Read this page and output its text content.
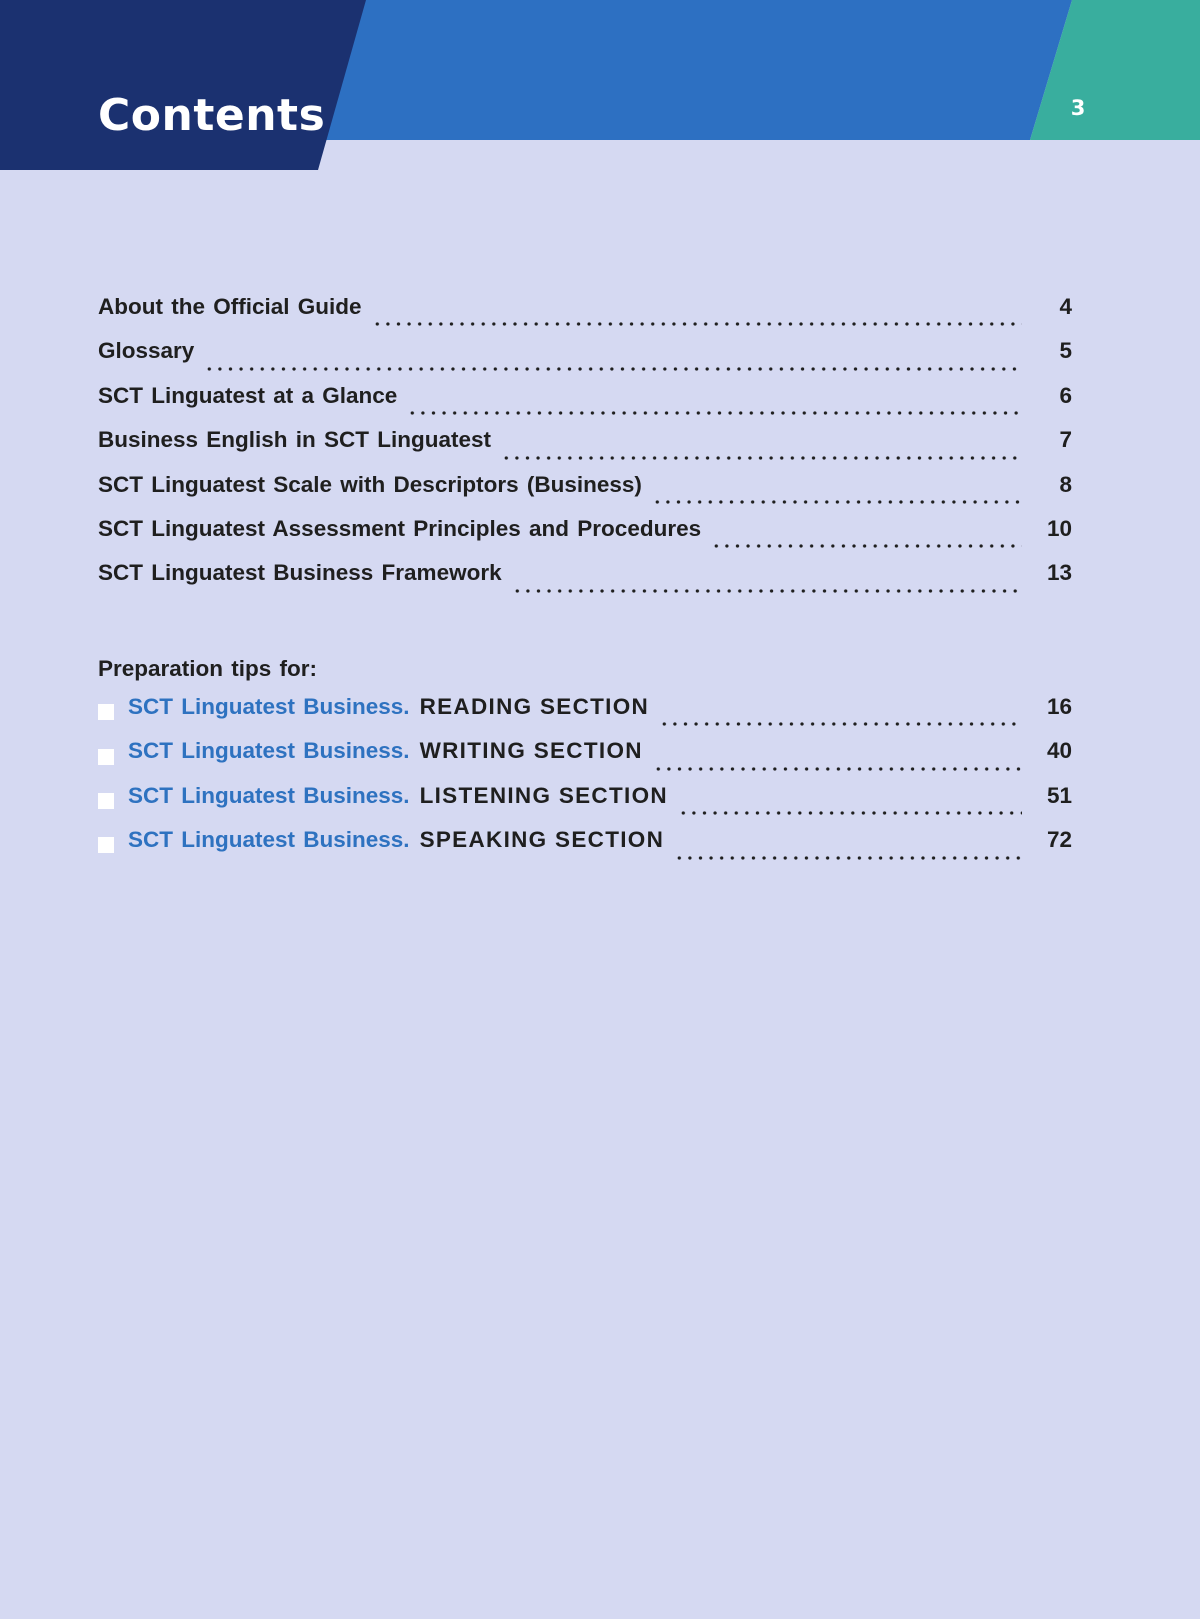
Contents	3
About the Official Guide	4
Glossary	5
SCT Linguatest at a Glance	6
Business English in SCT Linguatest	7
SCT Linguatest Scale with Descriptors (Business)	8
SCT Linguatest Assessment Principles and Procedures	10
SCT Linguatest Business Framework	13
Preparation tips for:
SCT Linguatest Business. READING SECTION	16
SCT Linguatest Business. WRITING SECTION	40
SCT Linguatest Business. LISTENING SECTION	51
SCT Linguatest Business. SPEAKING SECTION	72
